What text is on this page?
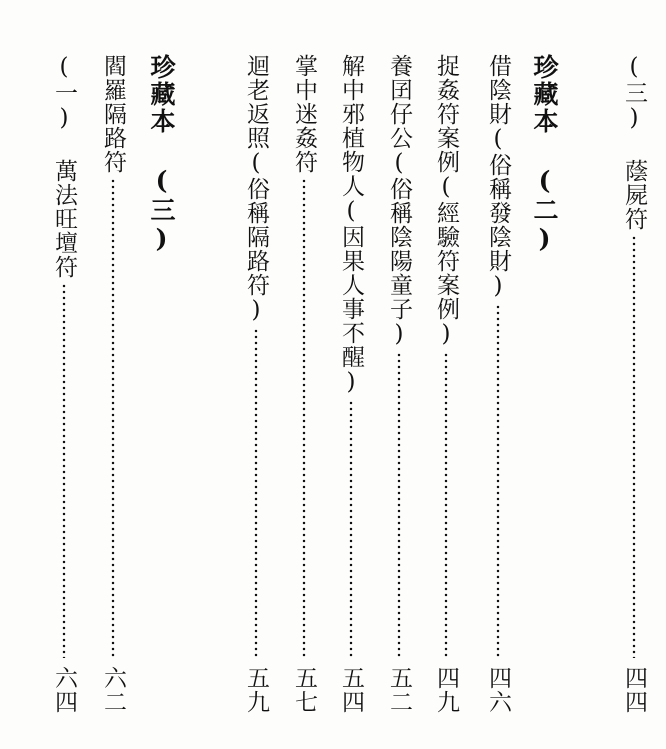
(三) 蔭屍符
四四
珍藏本 (二)
借陰財(俗稱發陰財)
四六
捉姦符案例(經驗符案例)
四九
養囝仔公(俗稱陰陽童子)
五二
解中邪植物人(因果人事不醒)
五四
掌中迷姦符
五七
迴老返照(俗稱隔路符)
五九
珍藏本 (三)
閻羅隔路符
六二
(一) 萬法旺壇符
六四
